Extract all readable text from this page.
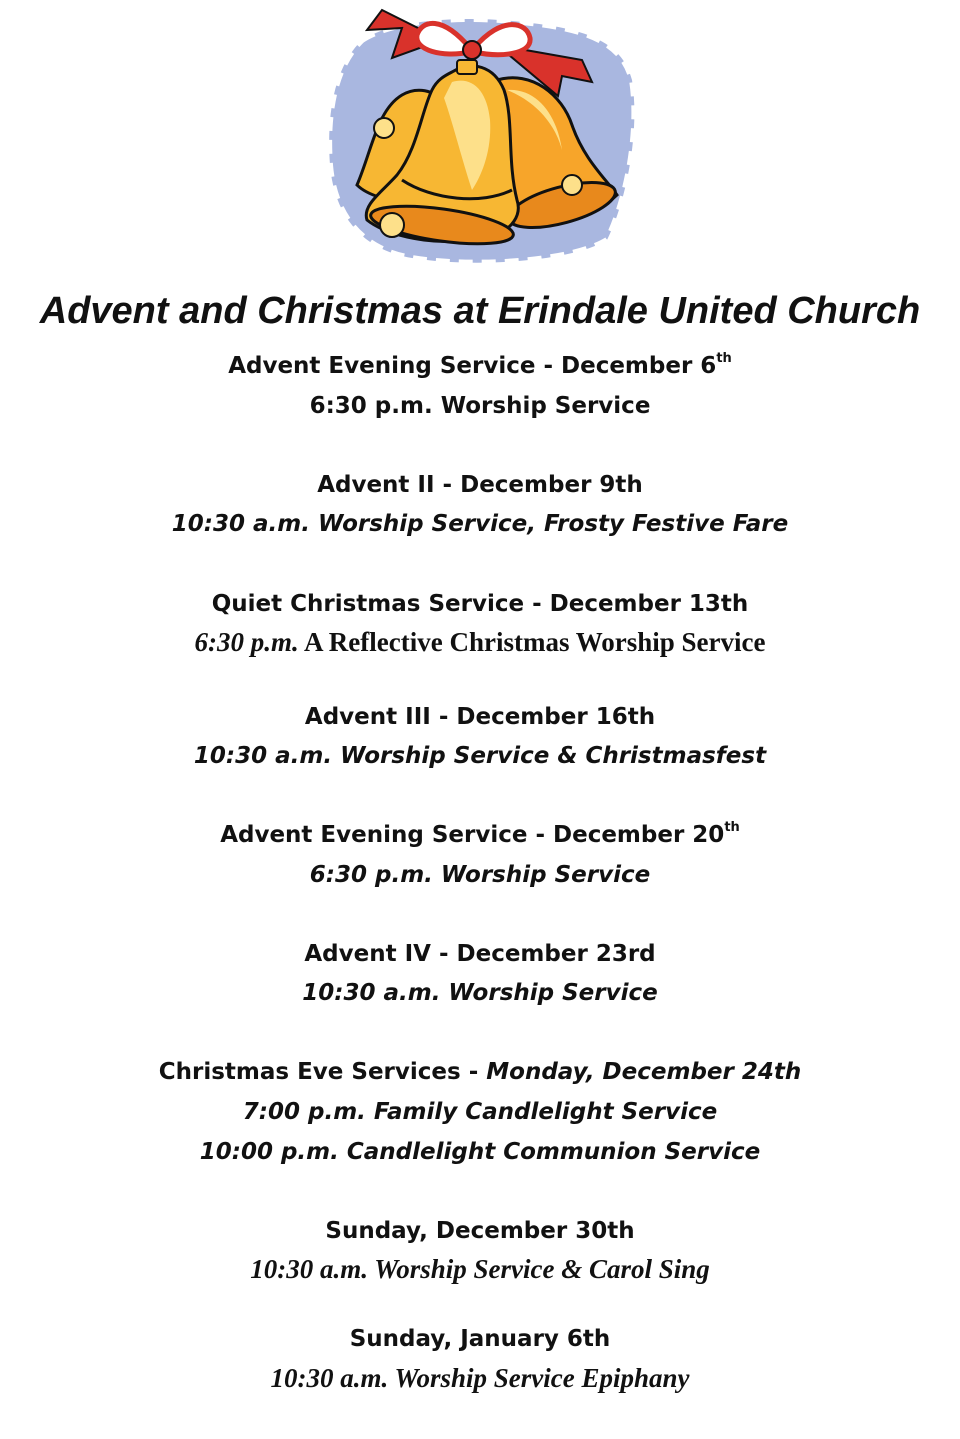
Advent and Christmas at Erindale United Church
Advent Evening Service - December 6th
6:30 p.m. Worship Service
Advent II - December 9th
10:30 a.m. Worship Service, Frosty Festive Fare
Quiet Christmas Service - December 13th
6:30 p.m. A Reflective Christmas Worship Service
Advent III - December 16th
10:30 a.m. Worship Service & Christmasfest
Advent Evening Service - December 20th
6:30 p.m. Worship Service
Advent IV - December 23rd
10:30 a.m. Worship Service
Christmas Eve Services - Monday, December 24th
7:00 p.m. Family Candlelight Service
10:00 p.m. Candlelight Communion Service
Sunday, December 30th
10:30 a.m. Worship Service & Carol Sing
Sunday, January 6th
10:30 a.m. Worship Service Epiphany
